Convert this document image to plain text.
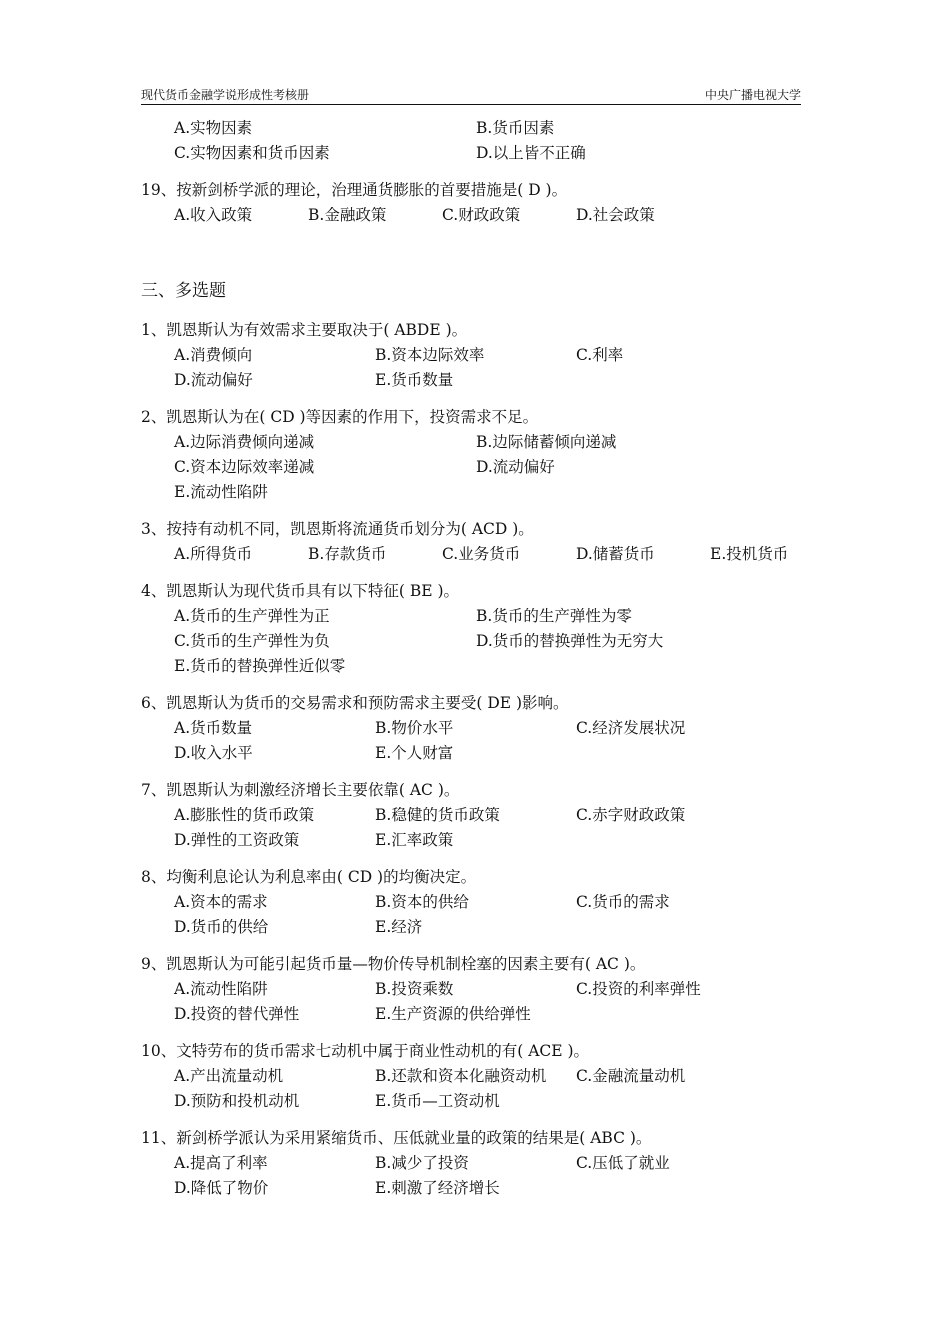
现代货币金融学说形成性考核册	中央广播电视大学
A.实物因素	B.货币因素
C.实物因素和货币因素	D.以上皆不正确
19、按新剑桥学派的理论，治理通货膨胀的首要措施是( D )。
A.收入政策	B.金融政策	C.财政政策	D.社会政策
三、多选题
1、凯恩斯认为有效需求主要取决于( ABDE )。
A.消费倾向	B.资本边际效率	C.利率
D.流动偏好	E.货币数量
2、凯恩斯认为在( CD )等因素的作用下，投资需求不足。
A.边际消费倾向递减	B.边际储蓄倾向递减
C.资本边际效率递减	D.流动偏好
E.流动性陷阱
3、按持有动机不同，凯恩斯将流通货币划分为( ACD )。
A.所得货币	B.存款货币	C.业务货币	D.储蓄货币	E.投机货币
4、凯恩斯认为现代货币具有以下特征( BE )。
A.货币的生产弹性为正	B.货币的生产弹性为零
C.货币的生产弹性为负	D.货币的替换弹性为无穷大
E.货币的替换弹性近似零
6、凯恩斯认为货币的交易需求和预防需求主要受( DE )影响。
A.货币数量	B.物价水平	C.经济发展状况
D.收入水平	E.个人财富
7、凯恩斯认为刺激经济增长主要依靠( AC )。
A.膨胀性的货币政策	B.稳健的货币政策	C.赤字财政政策
D.弹性的工资政策	E.汇率政策
8、均衡利息论认为利息率由( CD )的均衡决定。
A.资本的需求	B.资本的供给	C.货币的需求
D.货币的供给	E.经济
9、凯恩斯认为可能引起货币量—物价传导机制栓塞的因素主要有( AC )。
A.流动性陷阱	B.投资乘数	C.投资的利率弹性
D.投资的替代弹性	E.生产资源的供给弹性
10、文特劳布的货币需求七动机中属于商业性动机的有( ACE )。
A.产出流量动机	B.还款和资本化融资动机 C.金融流量动机
D.预防和投机动机	E.货币—工资动机
11、新剑桥学派认为采用紧缩货币、压低就业量的政策的结果是( ABC )。
A.提高了利率	B.减少了投资	C.压低了就业
D.降低了物价	E.刺激了经济增长
